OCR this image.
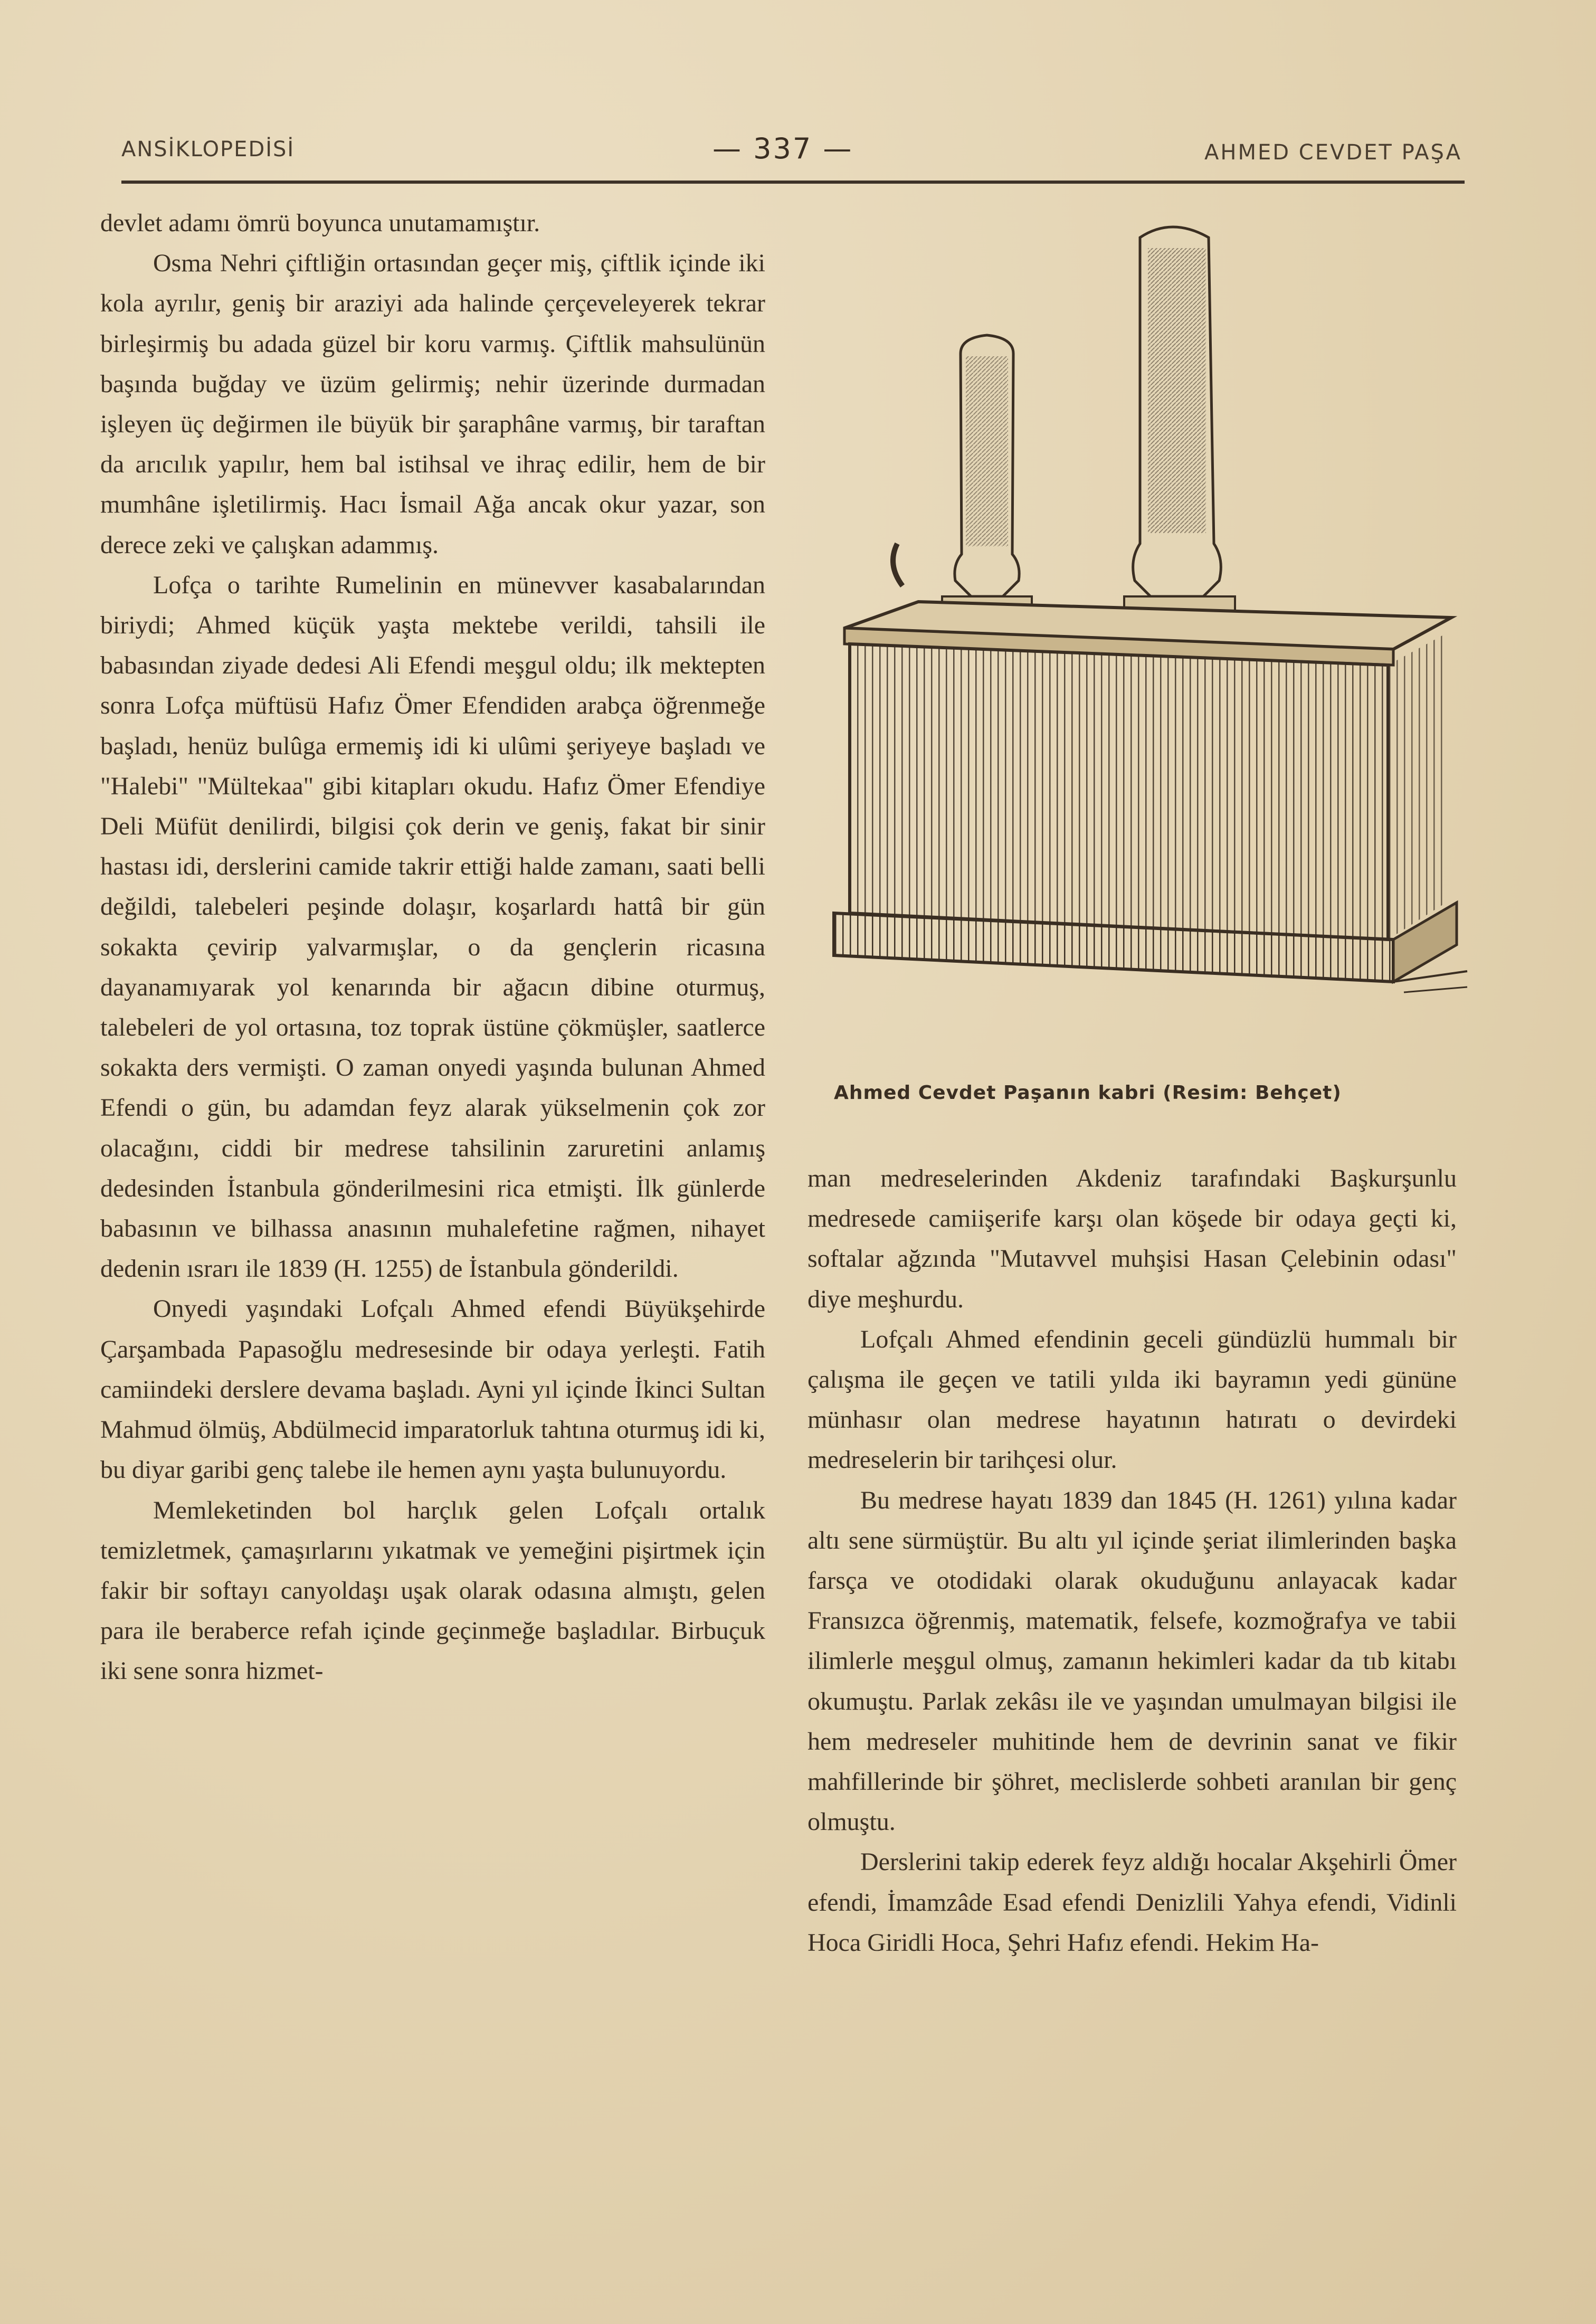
ANSİKLOPEDİSİ	— 337 —	AHMED CEVDET PAŞA

devlet adamı ömrü boyunca unutamamıştır.

Osma Nehri çiftliğin ortasından geçer miş, çiftlik içinde iki kola ayrılır, geniş bir araziyi ada halinde çerçeveleyerek tekrar birleşirmiş bu adada güzel bir koru varmış. Çiftlik mahsulünün başında buğday ve üzüm gelirmiş; nehir üzerinde durmadan işleyen üç değirmen ile büyük bir şaraphâne varmış, bir taraftan da arıcılık yapılır, hem bal istihsal ve ihraç edilir, hem de bir mumhâne işletilirmiş. Hacı İsmail Ağa ancak okur yazar, son derece zeki ve çalışkan adammış.

Lofça o tarihte Rumelinin en münevver kasabalarından biriydi; Ahmed küçük yaşta mektebe verildi, tahsili ile babasından ziyade dedesi Ali Efendi meşgul oldu; ilk mektepten sonra Lofça müftüsü Hafız Ömer Efendiden arabça öğrenmeğe başladı, henüz bulûga ermemiş idi ki ulûmi şeriyeye başladı ve "Halebi" "Mültekaa" gibi kitapları okudu. Hafız Ömer Efendiye Deli Müfüt denilirdi, bilgisi çok derin ve geniş, fakat bir sinir hastası idi, derslerini camide takrir ettiği halde zamanı, saati belli değildi, talebeleri peşinde dolaşır, koşarlardı hattâ bir gün sokakta çevirip yalvarmışlar, o da gençlerin ricasına dayanamıyarak yol kenarında bir ağacın dibine oturmuş, talebeleri de yol ortasına, toz toprak üstüne çökmüşler, saatlerce sokakta ders vermişti. O zaman onyedi yaşında bulunan Ahmed Efendi o gün, bu adamdan feyz alarak yükselmenin çok zor olacağını, ciddi bir medrese tahsilinin zaruretini anlamış dedesinden İstanbula gönderilmesini rica etmişti. İlk günlerde babasının ve bilhassa anasının muhalefetine rağmen, nihayet dedenin ısrarı ile 1839 (H. 1255) de İstanbula gönderildi.

Onyedi yaşındaki Lofçalı Ahmed efendi Büyükşehirde Çarşambada Papasoğlu medresesinde bir odaya yerleşti. Fatih camiindeki derslere devama başladı. Ayni yıl içinde İkinci Sultan Mahmud ölmüş, Abdülmecid imparatorluk tahtına oturmuş idi ki, bu diyar garibi genç talebe ile hemen aynı yaşta bulunuyordu.

Memleketinden bol harçlık gelen Lofçalı ortalık temizletmek, çamaşırlarını yıkatmak ve yemeğini pişirtmek için fakir bir softayı canyoldaşı uşak olarak odasına almıştı, gelen para ile beraberce refah içinde geçinmeğe başladılar. Birbuçuk iki sene sonra hizmet-

Ahmed Cevdet Paşanın kabri (Resim: Behçet)

man medreselerinden Akdeniz tarafındaki Başkurşunlu medresede camiişerife karşı olan köşede bir odaya geçti ki, softalar ağzında "Mutavvel muhşisi Hasan Çelebinin odası" diye meşhurdu.

Lofçalı Ahmed efendinin geceli gündüzlü hummalı bir çalışma ile geçen ve tatili yılda iki bayramın yedi gününe münhasır olan medrese hayatının hatıratı o devirdeki medreselerin bir tarihçesi olur.

Bu medrese hayatı 1839 dan 1845 (H. 1261) yılına kadar altı sene sürmüştür. Bu altı yıl içinde şeriat ilimlerinden başka farsça ve otodidaki olarak okuduğunu anlayacak kadar Fransızca öğrenmiş, matematik, felsefe, kozmoğrafya ve tabii ilimlerle meşgul olmuş, zamanın hekimleri kadar da tıb kitabı okumuştu. Parlak zekâsı ile ve yaşından umulmayan bilgisi ile hem medreseler muhitinde hem de devrinin sanat ve fikir mahfillerinde bir şöhret, meclislerde sohbeti aranılan bir genç olmuştu.

Derslerini takip ederek feyz aldığı hocalar Akşehirli Ömer efendi, İmamzâde Esad efendi Denizlili Yahya efendi, Vidinli Hoca Giridli Hoca, Şehri Hafız efendi. Hekim Ha-
